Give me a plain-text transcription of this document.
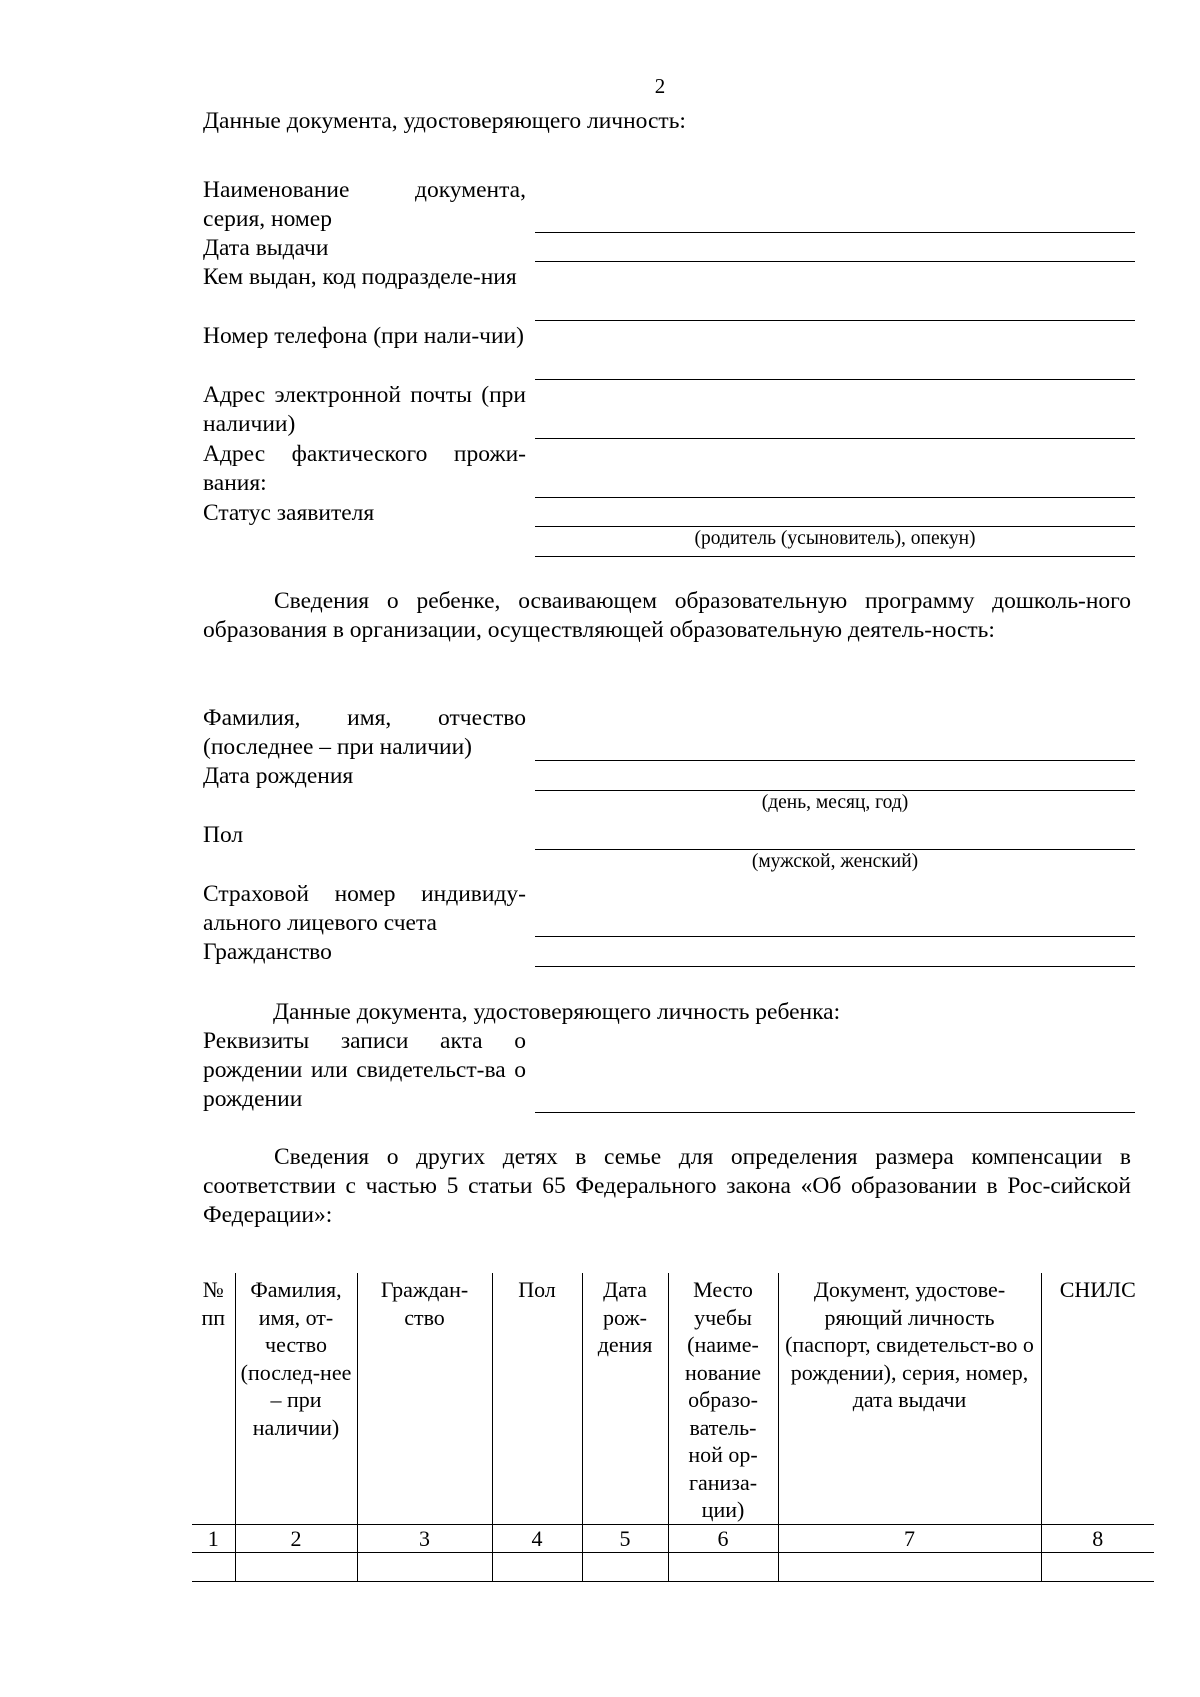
2
Данные документа, удостоверяющего личность:
Наименование документа, серия, номер
Дата выдачи
Кем выдан, код подразделе-ния
Номер телефона (при нали-чии)
Адрес электронной почты (при наличии)
Адрес фактического прожи-вания:
Статус заявителя
(родитель (усыновитель), опекун)
Сведения о ребенке, осваивающем образовательную программу дошколь-ного образования в организации, осуществляющей образовательную деятель-ность:
Фамилия, имя, отчество (последнее – при наличии)
Дата рождения
(день, месяц, год)
Пол
(мужской, женский)
Страховой номер индивиду-ального лицевого счета
Гражданство
Данные документа, удостоверяющего личность ребенка:
Реквизиты записи акта о рождении или свидетельст-ва о рождении
Сведения о других детях в семье для определения размера компенсации в соответствии с частью 5 статьи 65 Федерального закона «Об образовании в Рос-сийской Федерации»:
№ пп	Фамилия, имя, от-чество (послед-нее – при наличии)	Граждан-ство	Пол	Дата рож-дения	Место учебы (наиме-нование образо-ватель-ной ор-ганиза-ции)	Документ, удостове-ряющий личность (паспорт, свидетельст-во о рождении), серия, номер, дата выдачи	СНИЛС
1	2	3	4	5	6	7	8
